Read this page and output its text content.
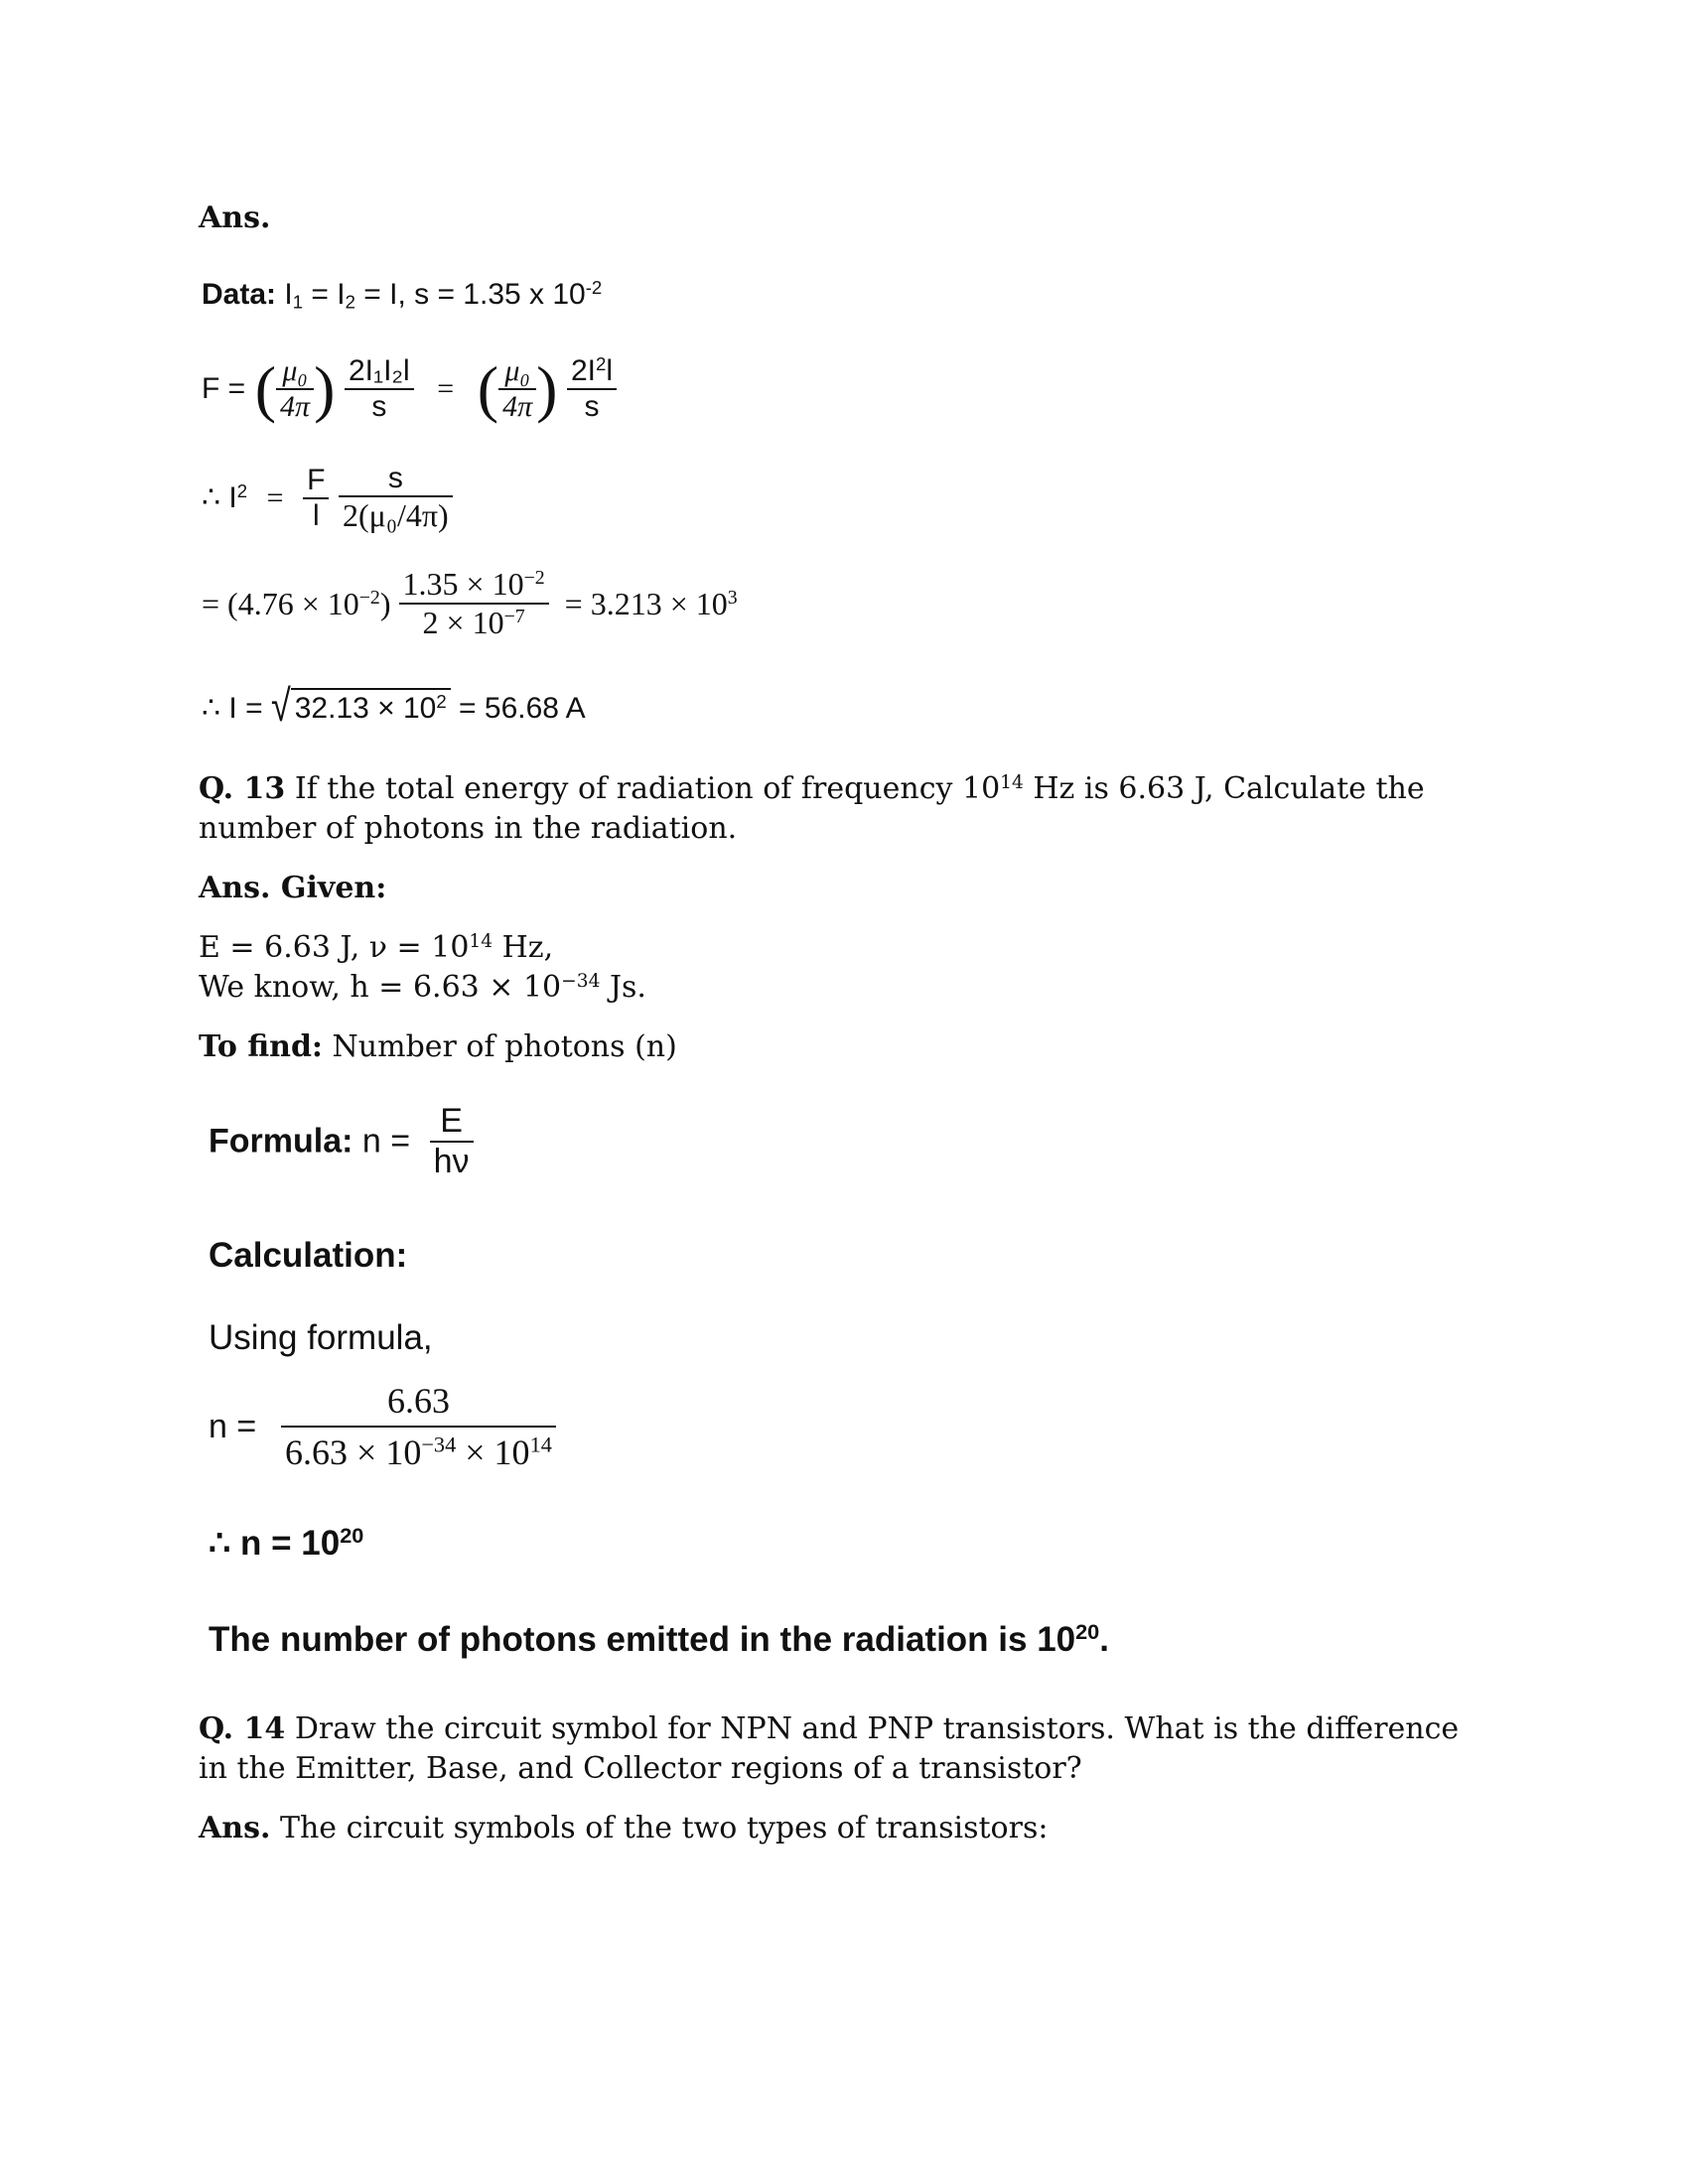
Ans.
Data: $I_1 = I_2 = I$, s = 1.35 x $10^{-2}$
F = ( $\frac{\text{μ₀}}{4\pi}$ ) $\frac{\text{2I₁I₂l}}{s}$ = ( $\frac{\text{μ₀}}{4\pi}$ ) $\frac{2I^2l}{s}$
∴ $I^2 = \frac{F}{l}$
$\frac{s}{\text{2(μ₀/4π)}}$
= $(4.76 \times 10^{-2}) \frac{1.35 \times 10^{-2}}{2 \times 10^{-7}} = 3.213 \times 10^3$
∴ I = √ $32.13 \times 10^2 = 56.68$ A
Q. 13 If the total energy of radiation of frequency $10^{14}$ Hz is 6.63 J, Calculate the number of photons in the radiation.
Ans. Given:
E = 6.63 J, $\nu = 10^{14}$ Hz,
We know, $h = 6.63 \times 10^{-34}$ Js.
To find: Number of photons (n)
Formula: $n = \frac{E}{h\nu}$
Calculation:
Using formula,
$n = \frac{6.63}{6.63 \times 10^{-34} \times 10^{14}}$
∴ $n = 10^{20}$
The number of photons emitted in the radiation is $10^{20}$.
Q. 14 Draw the circuit symbol for NPN and PNP transistors. What is the difference in the Emitter, Base, and Collector regions of a transistor?
Ans. The circuit symbols of the two types of transistors:
